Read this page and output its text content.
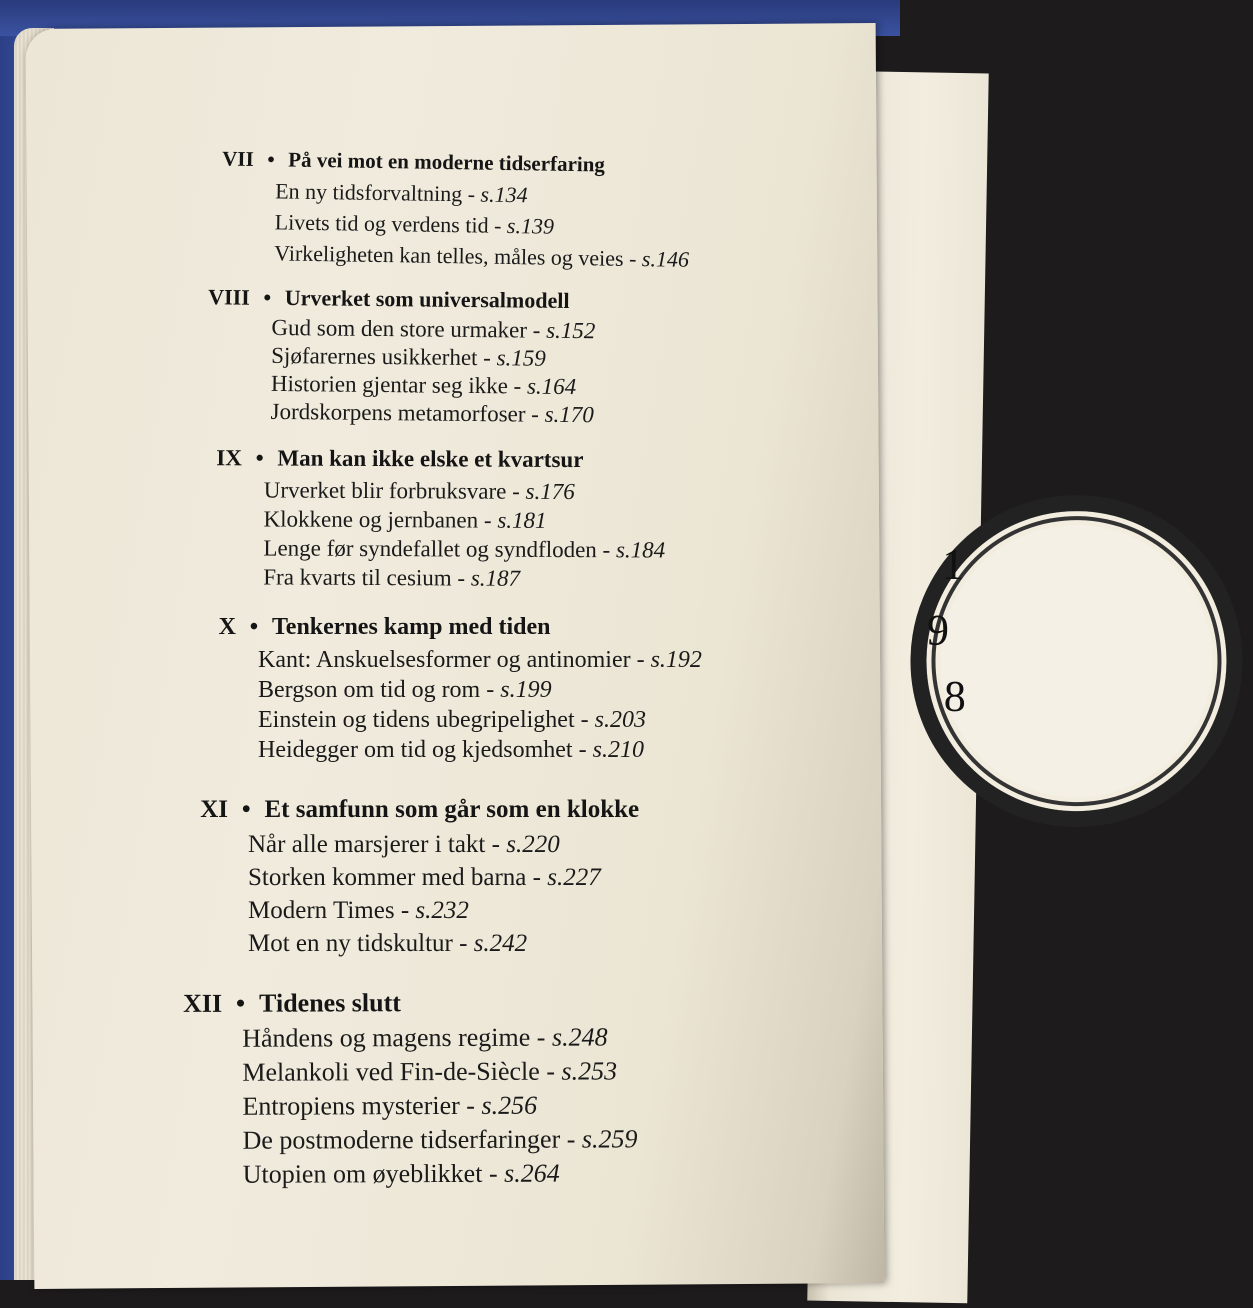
1
9
8
VII • På vei mot en moderne tidserfaring
En ny tidsforvaltning - s.134
Livets tid og verdens tid - s.139
Virkeligheten kan telles, måles og veies - s.146
VIII • Urverket som universalmodell
Gud som den store urmaker - s.152
Sjøfarernes usikkerhet - s.159
Historien gjentar seg ikke - s.164
Jordskorpens metamorfoser - s.170
IX • Man kan ikke elske et kvartsur
Urverket blir forbruksvare - s.176
Klokkene og jernbanen - s.181
Lenge før syndefallet og syndfloden - s.184
Fra kvarts til cesium - s.187
X • Tenkernes kamp med tiden
Kant: Anskuelsesformer og antinomier - s.192
Bergson om tid og rom - s.199
Einstein og tidens ubegripelighet - s.203
Heidegger om tid og kjedsomhet - s.210
XI • Et samfunn som går som en klokke
Når alle marsjerer i takt - s.220
Storken kommer med barna - s.227
Modern Times - s.232
Mot en ny tidskultur - s.242
XII • Tidenes slutt
Håndens og magens regime - s.248
Melankoli ved Fin-de-Siècle - s.253
Entropiens mysterier - s.256
De postmoderne tidserfaringer - s.259
Utopien om øyeblikket - s.264
